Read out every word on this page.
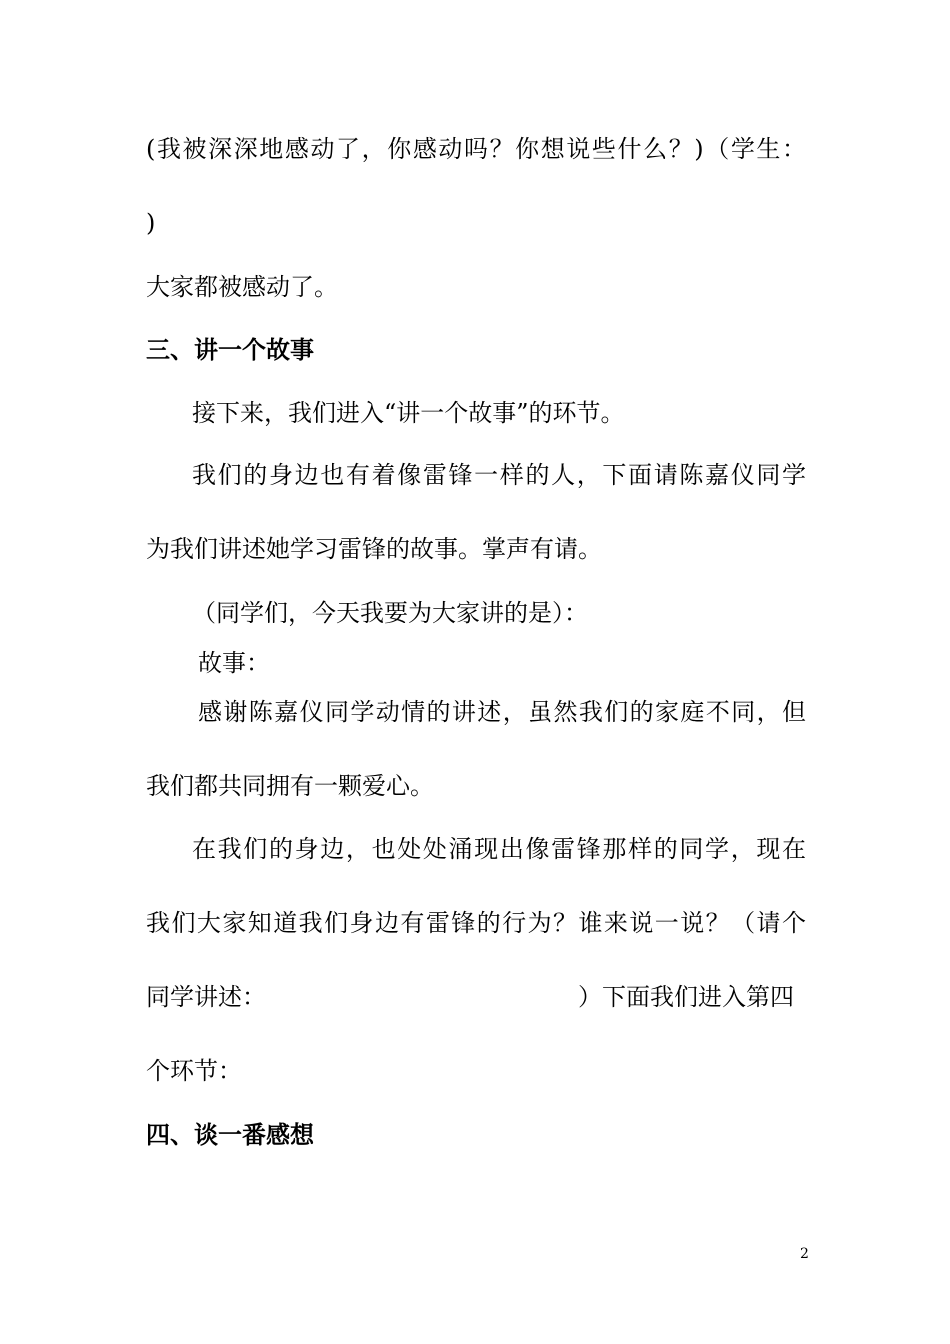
(我被深深地感动了，你感动吗？你想说些什么？)（学生：
)
大家都被感动了。
三、讲一个故事
接下来，我们进入“讲一个故事”的环节。
我们的身边也有着像雷锋一样的人，下面请陈嘉仪同学
为我们讲述她学习雷锋的故事。掌声有请。
（同学们，今天我要为大家讲的是）：
故事：
感谢陈嘉仪同学动情的讲述，虽然我们的家庭不同，但
我们都共同拥有一颗爱心。
在我们的身边，也处处涌现出像雷锋那样的同学，现在
我们大家知道我们身边有雷锋的行为？谁来说一说？（请个
同学讲述：	）下面我们进入第四
个环节：
四、谈一番感想
2
